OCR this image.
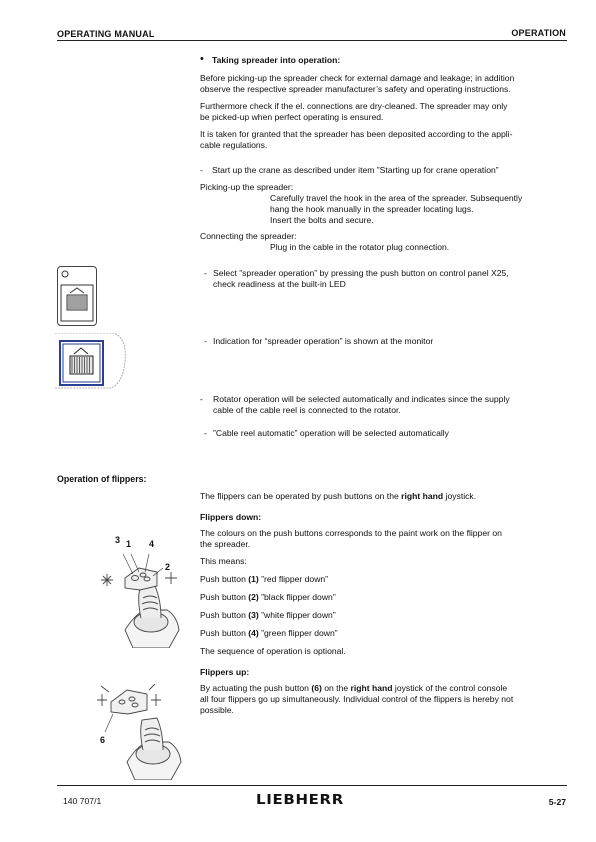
OPERATING MANUAL	OPERATION
• Taking spreader into operation:
Before picking-up the spreader check for external damage and leakage; in addition
observe the respective spreader manufacturer’s safety and operating instructions.
Furthermore check if the el. connections are dry-cleaned. The spreader may only
be picked-up when perfect operating is ensured.
It is taken for granted that the spreader has been deposited according to the appli-
cable regulations.
- Start up the crane as described under item ”Starting up for crane operation”
Picking-up the spreader:
Carefully travel the hook in the area of the spreader. Subsequently
hang the hook manually in the spreader locating lugs.
Insert the bolts and secure.
Connecting the spreader:
Plug in the cable in the rotator plug connection.
- Select ”spreader operation” by pressing the push button on control panel X25,
check readiness at the built-in LED
- Indication for “spreader operation” is shown at the monitor
- Rotator operation will be selected automatically and indicates since the supply
cable of the cable reel is connected to the rotator.
- ”Cable reel automatic” operation will be selected automatically
Operation of flippers:
The flippers can be operated by push buttons on the right hand joystick.
Flippers down:
The colours on the push buttons corresponds to the paint work on the flipper on
the spreader.
This means:
Push button (1) ”red flipper down”
Push button (2) ”black flipper down”
Push button (3) ”white flipper down”
Push button (4) ”green flipper down”
The sequence of operation is optional.
Flippers up:
By actuating the push button (6) on the right hand joystick of the control console
all four flippers go up simultaneously. Individual control of the flippers is hereby not
possible.
3 1 4
2
6
140 707/1	LIEBHERR	5-27
